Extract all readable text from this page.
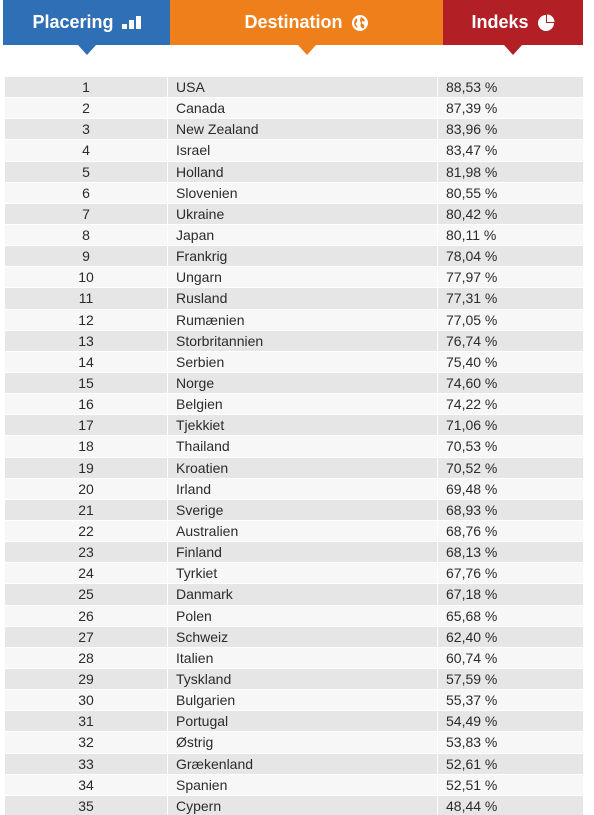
Placering	Destination	Indeks
1	USA	88,53 %
2	Canada	87,39 %
3	New Zealand	83,96 %
4	Israel	83,47 %
5	Holland	81,98 %
6	Slovenien	80,55 %
7	Ukraine	80,42 %
8	Japan	80,11 %
9	Frankrig	78,04 %
10	Ungarn	77,97 %
11	Rusland	77,31 %
12	Rumænien	77,05 %
13	Storbritannien	76,74 %
14	Serbien	75,40 %
15	Norge	74,60 %
16	Belgien	74,22 %
17	Tjekkiet	71,06 %
18	Thailand	70,53 %
19	Kroatien	70,52 %
20	Irland	69,48 %
21	Sverige	68,93 %
22	Australien	68,76 %
23	Finland	68,13 %
24	Tyrkiet	67,76 %
25	Danmark	67,18 %
26	Polen	65,68 %
27	Schweiz	62,40 %
28	Italien	60,74 %
29	Tyskland	57,59 %
30	Bulgarien	55,37 %
31	Portugal	54,49 %
32	Østrig	53,83 %
33	Grækenland	52,61 %
34	Spanien	52,51 %
35	Cypern	48,44 %
